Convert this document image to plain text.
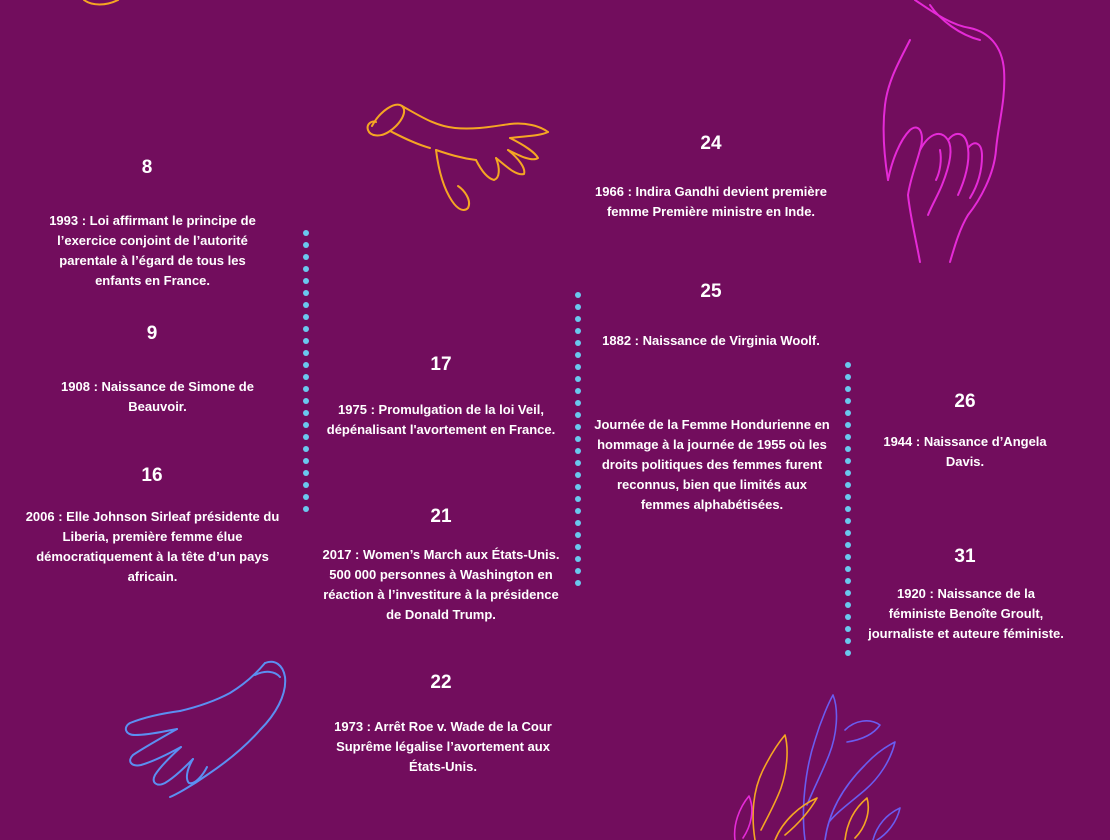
8
1993 : Loi affirmant le principe de l’exercice conjoint de l’autorité parentale à l’égard de tous les enfants en France.
9
1908 : Naissance de Simone de Beauvoir.
16
2006 : Elle Johnson Sirleaf présidente du Liberia, première femme élue démocratiquement à la tête d’un pays africain.
17
1975 : Promulgation de la loi Veil, dépénalisant l'avortement en France.
21
2017 : Women’s March aux États-Unis. 500 000 personnes à Washington en réaction à l’investiture à la présidence de Donald Trump.
22
1973 : Arrêt Roe v. Wade de la Cour Suprême légalise l’avortement aux États-Unis.
24
1966 : Indira Gandhi devient première femme Première ministre en Inde.
25
1882 : Naissance de Virginia Woolf.
Journée de la Femme Hondurienne en hommage à la journée de 1955 où les droits politiques des femmes furent reconnus, bien que limités aux femmes alphabétisées.
26
1944 : Naissance d’Angela Davis.
31
1920 : Naissance de la féministe Benoîte Groult, journaliste et auteure féministe.
